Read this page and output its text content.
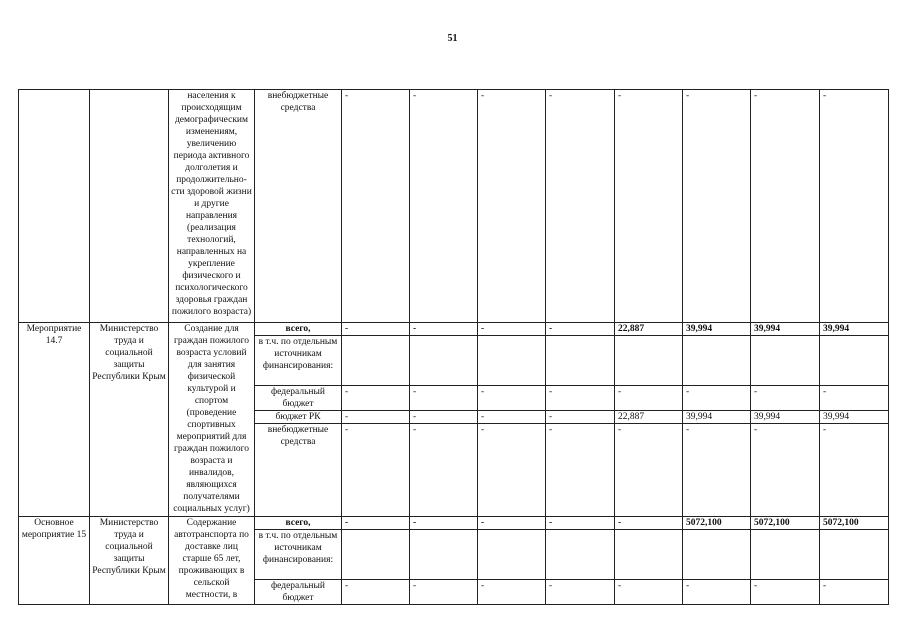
51
		населения к происходящим демографическим изменениям, увеличению периода активного долголетия и продолжительно-сти здоровой жизни и другие направления (реализация технологий, направленных на укрепление физического и психологического здоровья граждан пожилого возраста)	внебюджетные средства	-	-	-	-	-	-	-	-
Мероприятие 14.7	Министерство труда и социальной защиты Республики Крым	Создание для граждан пожилого возраста условий для занятия физической культурой и спортом (проведение спортивных мероприятий для граждан пожилого возраста и инвалидов, являющихся получателями социальных услуг)	всего,	-	-	-	-	22,887	39,994	39,994	39,994
			в т.ч. по отдельным источникам финансирования:								
			федеральный бюджет	-	-	-	-	-	-	-	-
			бюджет РК	-	-	-	-	22,887	39,994	39,994	39,994
			внебюджетные средства	-	-	-	-	-	-	-	-
Основное мероприятие 15	Министерство труда и социальной защиты Республики Крым	Содержание автотранспорта по доставке лиц старше 65 лет, проживающих в сельской местности, в	всего,	-	-	-	-	-	5072,100	5072,100	5072,100
			в т.ч. по отдельным источникам финансирования:								
			федеральный бюджет	-	-	-	-	-	-	-	-
